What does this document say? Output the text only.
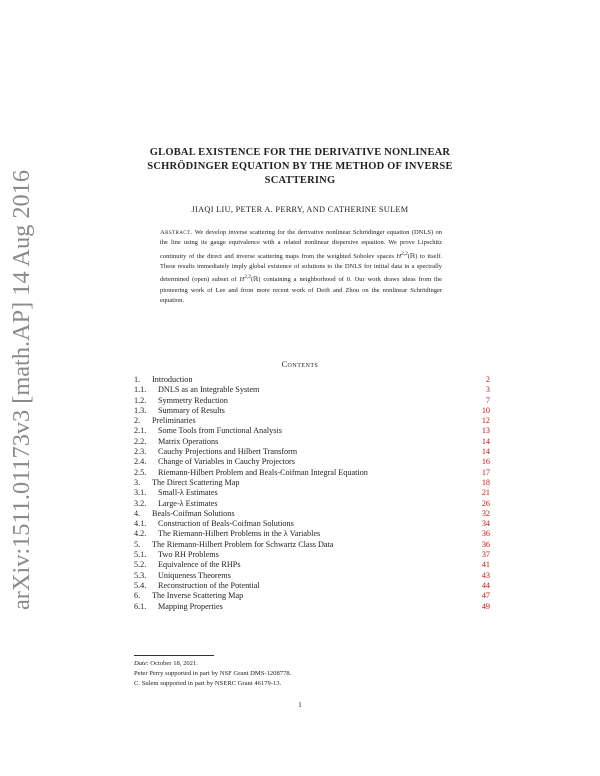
arXiv:1511.01173v3 [math.AP] 14 Aug 2016
GLOBAL EXISTENCE FOR THE DERIVATIVE NONLINEAR
SCHRÖDINGER EQUATION BY THE METHOD OF INVERSE
SCATTERING
JIAQI LIU, PETER A. PERRY, AND CATHERINE SULEM
Abstract. We develop inverse scattering for the derivative nonlinear Schrödinger equation (DNLS) on the line using its gauge equivalence with a related nonlinear dispersive equation. We prove Lipschitz continuity of the direct and inverse scattering maps from the weighted Sobolev spaces H$^{2,2}$(ℝ) to itself. These results immediately imply global existence of solutions to the DNLS for initial data in a spectrally determined (open) subset of H$^{2,2}$(ℝ) containing a neighborhood of 0. Our work draws ideas from the pioneering work of Lee and from more recent work of Deift and Zhou on the nonlinear Schrödinger equation.
Contents
1. Introduction	2
1.1. DNLS as an Integrable System	3
1.2. Symmetry Reduction	7
1.3. Summary of Results	10
2. Preliminaries	12
2.1. Some Tools from Functional Analysis	13
2.2. Matrix Operations	14
2.3. Cauchy Projections and Hilbert Transform	14
2.4. Change of Variables in Cauchy Projectors	16
2.5. Riemann-Hilbert Problem and Beals-Coifman Integral Equation	17
3. The Direct Scattering Map	18
3.1. Small-λ Estimates	21
3.2. Large-λ Estimates	26
4. Beals-Coifman Solutions	32
4.1. Construction of Beals-Coifman Solutions	34
4.2. The Riemann-Hilbert Problems in the λ Variables	36
5. The Riemann-Hilbert Problem for Schwartz Class Data	36
5.1. Two RH Problems	37
5.2. Equivalence of the RHPs	41
5.3. Uniqueness Theorems	43
5.4. Reconstruction of the Potential	44
6. The Inverse Scattering Map	47
6.1. Mapping Properties	49
Date: October 18, 2021.
Peter Perry supported in part by NSF Grant DMS-1208778.
C. Sulem supported in part by NSERC Grant 46179-13.
1
